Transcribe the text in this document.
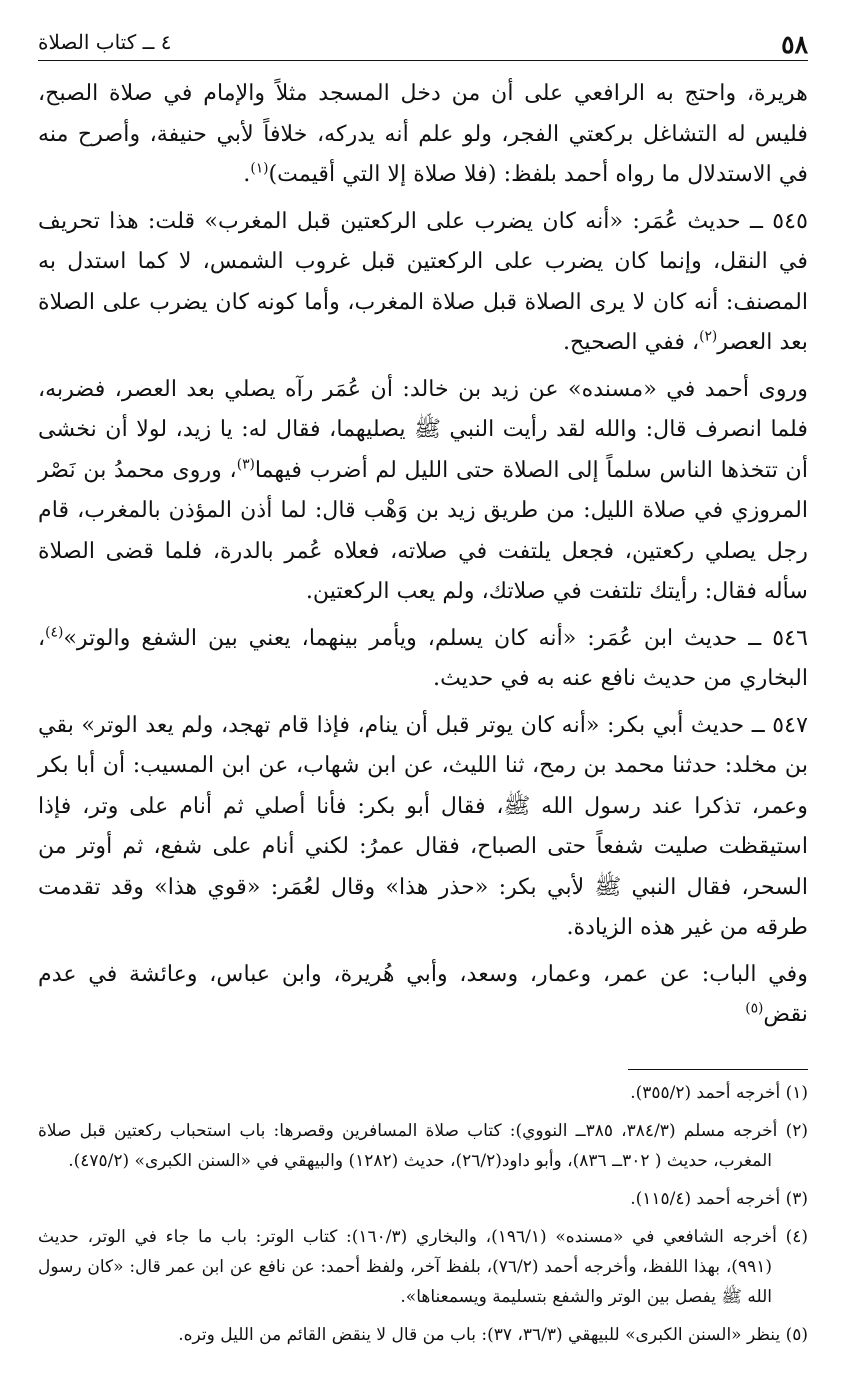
٥٨
٤ ــ كتاب الصلاة

هريرة، واحتج به الرافعي على أن من دخل المسجد مثلاً والإمام في صلاة الصبح، فليس له التشاغل بركعتي الفجر، ولو علم أنه يدركه، خلافاً لأبي حنيفة، وأصرح منه في الاستدلال ما رواه أحمد بلفظ: (فلا صلاة إلا التي أقيمت)$^{(١)}$.

٥٤٥ ــ حديث عُمَر: «أنه كان يضرب على الركعتين قبل المغرب» قلت: هذا تحريف في النقل، وإنما كان يضرب على الركعتين قبل غروب الشمس، لا كما استدل به المصنف: أنه كان لا يرى الصلاة قبل صلاة المغرب، وأما كونه كان يضرب على الصلاة بعد العصر$^{(٢)}$، ففي الصحيح.

وروى أحمد في «مسنده» عن زيد بن خالد: أن عُمَر رآه يصلي بعد العصر، فضربه، فلما انصرف قال: والله لقد رأيت النبي ﷺ يصليهما، فقال له: يا زيد، لولا أن نخشى أن تتخذها الناس سلماً إلى الصلاة حتى الليل لم أضرب فيهما$^{(٣)}$، وروى محمدُ بن نَصْر المروزي في صلاة الليل: من طريق زيد بن وَهْب قال: لما أذن المؤذن بالمغرب، قام رجل يصلي ركعتين، فجعل يلتفت في صلاته، فعلاه عُمر بالدرة، فلما قضى الصلاة سأله فقال: رأيتك تلتفت في صلاتك، ولم يعب الركعتين.

٥٤٦ ــ حديث ابن عُمَر: «أنه كان يسلم، ويأمر بينهما، يعني بين الشفع والوتر»$^{(٤)}$، البخاري من حديث نافع عنه به في حديث.

٥٤٧ ــ حديث أبي بكر: «أنه كان يوتر قبل أن ينام، فإذا قام تهجد، ولم يعد الوتر» بقي بن مخلد: حدثنا محمد بن رمح، ثنا الليث، عن ابن شهاب، عن ابن المسيب: أن أبا بكر وعمر، تذكرا عند رسول الله ﷺ، فقال أبو بكر: فأنا أصلي ثم أنام على وتر، فإذا استيقظت صليت شفعاً حتى الصباح، فقال عمرُ: لكني أنام على شفع، ثم أوتر من السحر، فقال النبي ﷺ لأبي بكر: «حذر هذا» وقال لعُمَر: «قوي هذا» وقد تقدمت طرقه من غير هذه الزيادة.

وفي الباب: عن عمر، وعمار، وسعد، وأبي هُريرة، وابن عباس، وعائشة في عدم نقض$^{(٥)}$

(١) أخرجه أحمد (٣٥٥/٢).

(٢) أخرجه مسلم (٣٨٤/٣، ٣٨٥ــ النووي): كتاب صلاة المسافرين وقصرها: باب استحباب ركعتين قبل صلاة المغرب، حديث ( ٣٠٢ــ ٨٣٦)، وأبو داود(٢٦/٢)، حديث (١٢٨٢) والبيهقي في «السنن الكبرى» (٤٧٥/٢).

(٣) أخرجه أحمد (١١٥/٤).

(٤) أخرجه الشافعي في «مسنده» (١٩٦/١)، والبخاري (١٦٠/٣): كتاب الوتر: باب ما جاء في الوتر، حديث (٩٩١)، بهذا اللفظ، وأخرجه أحمد (٧٦/٢)، بلفظ آخر، ولفظ أحمد: عن نافع عن ابن عمر قال: «كان رسول الله ﷺ يفصل بين الوتر والشفع بتسليمة ويسمعناها».

(٥) ينظر «السنن الكبرى» للبيهقي (٣٦/٣، ٣٧): باب من قال لا ينقض القائم من الليل وتره.
